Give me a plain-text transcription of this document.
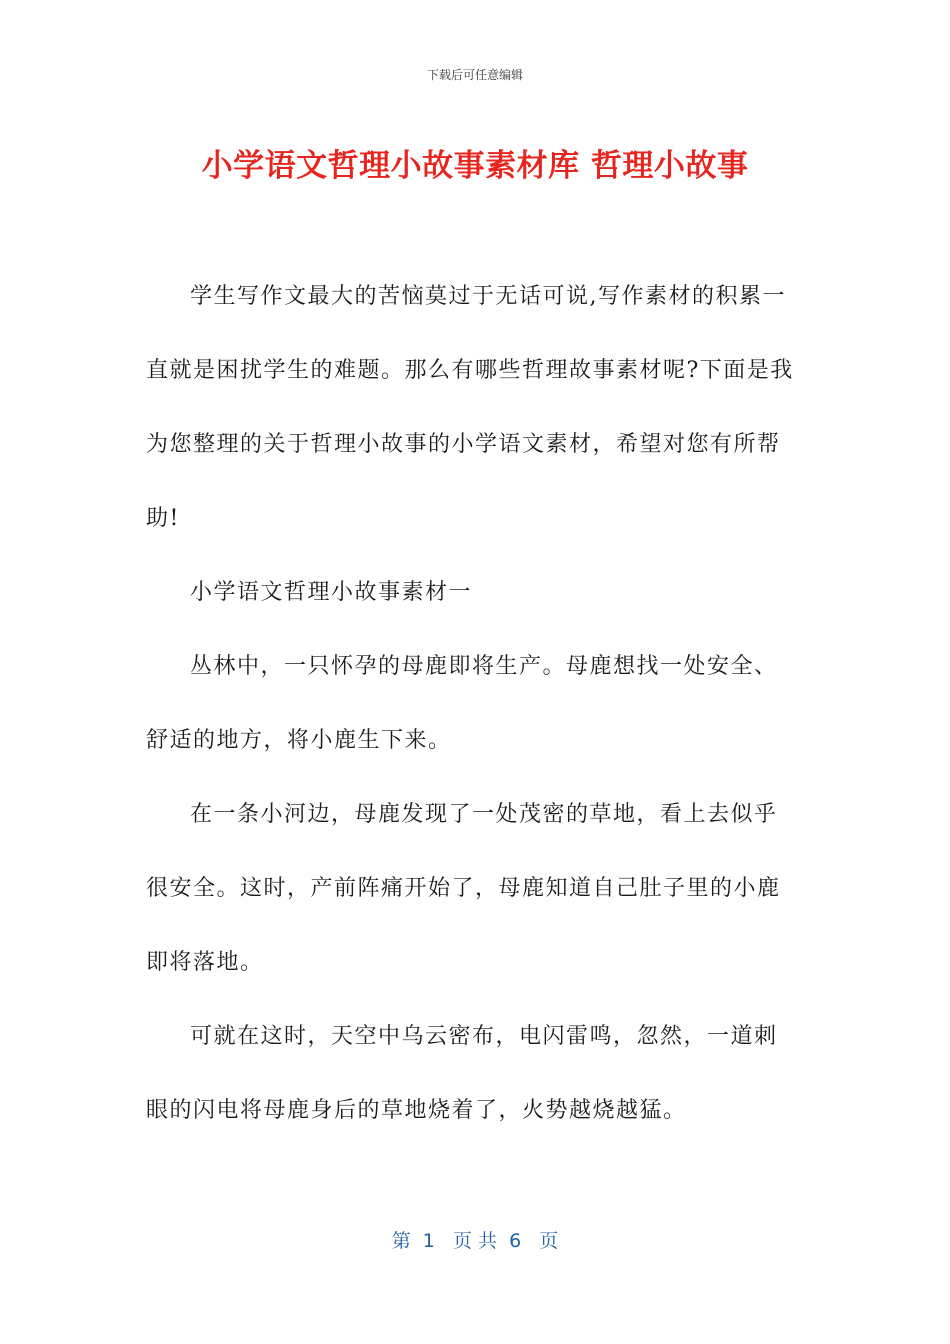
下载后可任意编辑
小学语文哲理小故事素材库 哲理小故事

学生写作文最大的苦恼莫过于无话可说,写作素材的积累一
直就是困扰学生的难题。那么有哪些哲理故事素材呢?下面是我
为您整理的关于哲理小故事的小学语文素材，希望对您有所帮
助!

小学语文哲理小故事素材一

丛林中，一只怀孕的母鹿即将生产。母鹿想找一处安全、
舒适的地方，将小鹿生下来。

在一条小河边，母鹿发现了一处茂密的草地，看上去似乎
很安全。这时，产前阵痛开始了，母鹿知道自己肚子里的小鹿
即将落地。

可就在这时，天空中乌云密布，电闪雷鸣，忽然，一道刺
眼的闪电将母鹿身后的草地烧着了，火势越烧越猛。

第  1   页 共  6   页
